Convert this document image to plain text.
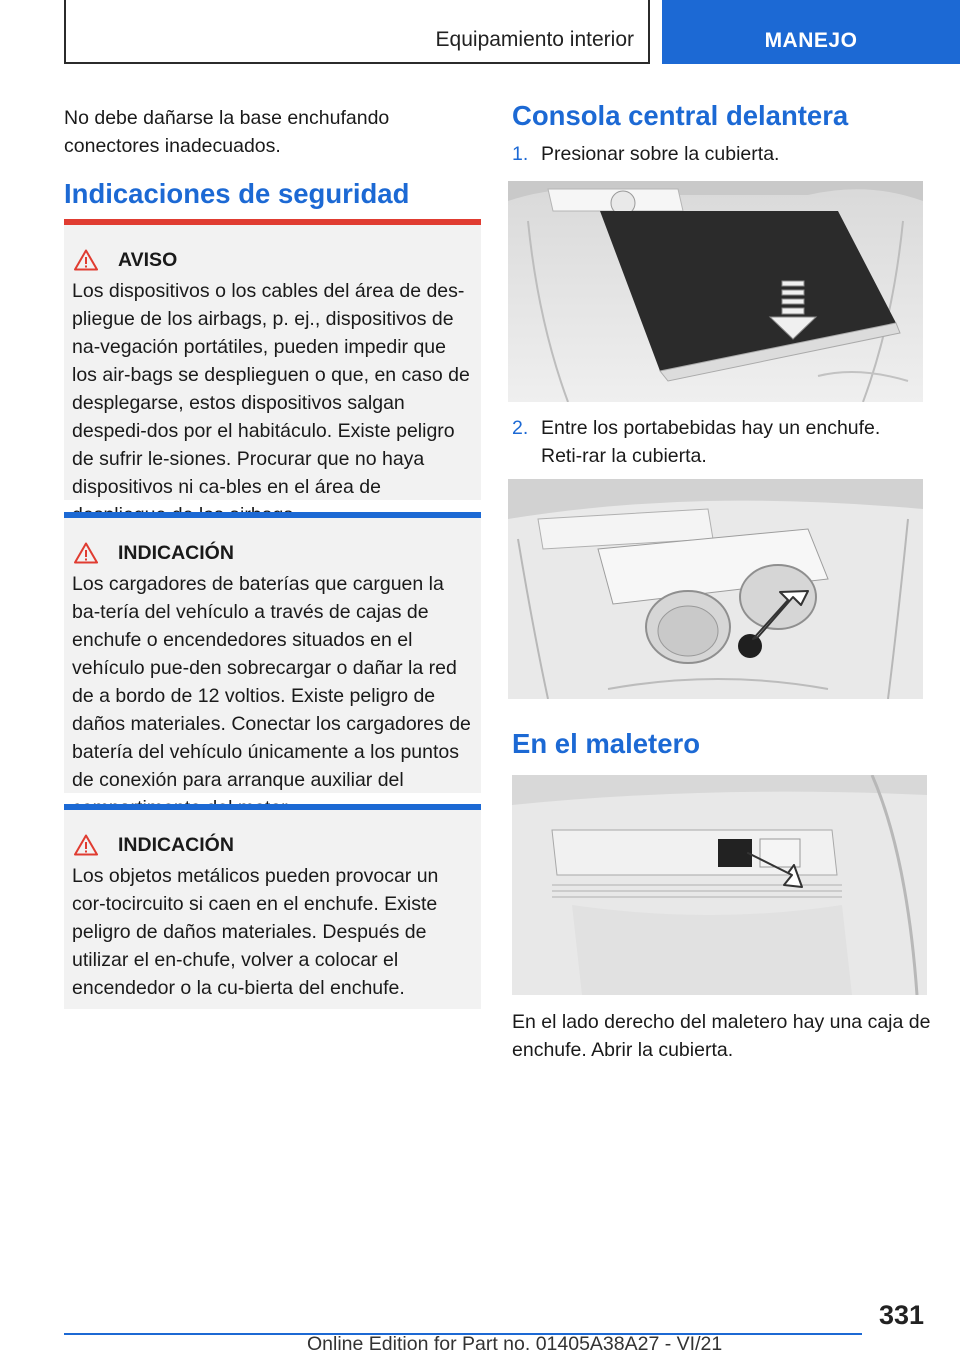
Equipamiento interior	MANEJO
No debe dañarse la base enchufando conectores inadecuados.
Indicaciones de seguridad
AVISO
Los dispositivos o los cables del área de des-pliegue de los airbags, p. ej., dispositivos de na-vegación portátiles, pueden impedir que los air-bags se desplieguen o que, en caso de desplegarse, estos dispositivos salgan despedi-dos por el habitáculo. Existe peligro de sufrir le-siones. Procurar que no haya dispositivos ni ca-bles en el área de
INDICACIÓN
Los cargadores de baterías que carguen la ba-tería del vehículo a través de cajas de enchufe o encendedores situados en el vehículo pue-den sobrecargar o dañar la red de a bordo de 12 voltios. Existe peligro de daños materiales. Conectar los cargadores de batería del vehículo únicamente a los puntos de conexión para arranque auxiliar del
INDICACIÓN
Los objetos metálicos pueden provocar un cor-tocircuito si caen en el enchufe. Existe peligro de daños materiales. Después de utilizar el en-chufe, volver a colocar el encendedor o la cu-bierta del enchufe.
Consola central delantera
1. Presionar sobre la cubierta.
2. Entre los portabebidas hay un enchufe. Reti-rar la cubierta.
En el maletero
En el lado derecho del maletero hay una caja de enchufe. Abrir la cubierta.
331
Online Edition for Part no. 01405A38A27 - VI/21
